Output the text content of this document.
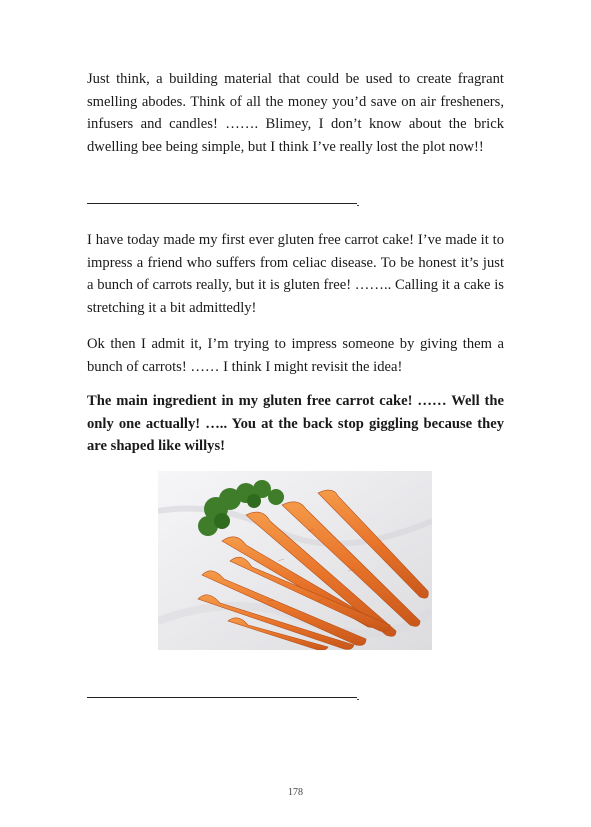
Just think, a building material that could be used to create fragrant smelling abodes. Think of all the money you’d save on air fresheners, infusers and candles! ……. Blimey, I don’t know about the brick dwelling bee being simple, but I think I’ve really lost the plot now!!

I have today made my first ever gluten free carrot cake! I’ve made it to impress a friend who suffers from celiac disease. To be honest it’s just a bunch of carrots really, but it is gluten free! …….. Calling it a cake is stretching it a bit admittedly!

Ok then I admit it, I’m trying to impress someone by giving them a bunch of carrots! …… I think I might revisit the idea!

The main ingredient in my gluten free carrot cake! …… Well the only one actually! ….. You at the back stop giggling because they are shaped like willys!

178
